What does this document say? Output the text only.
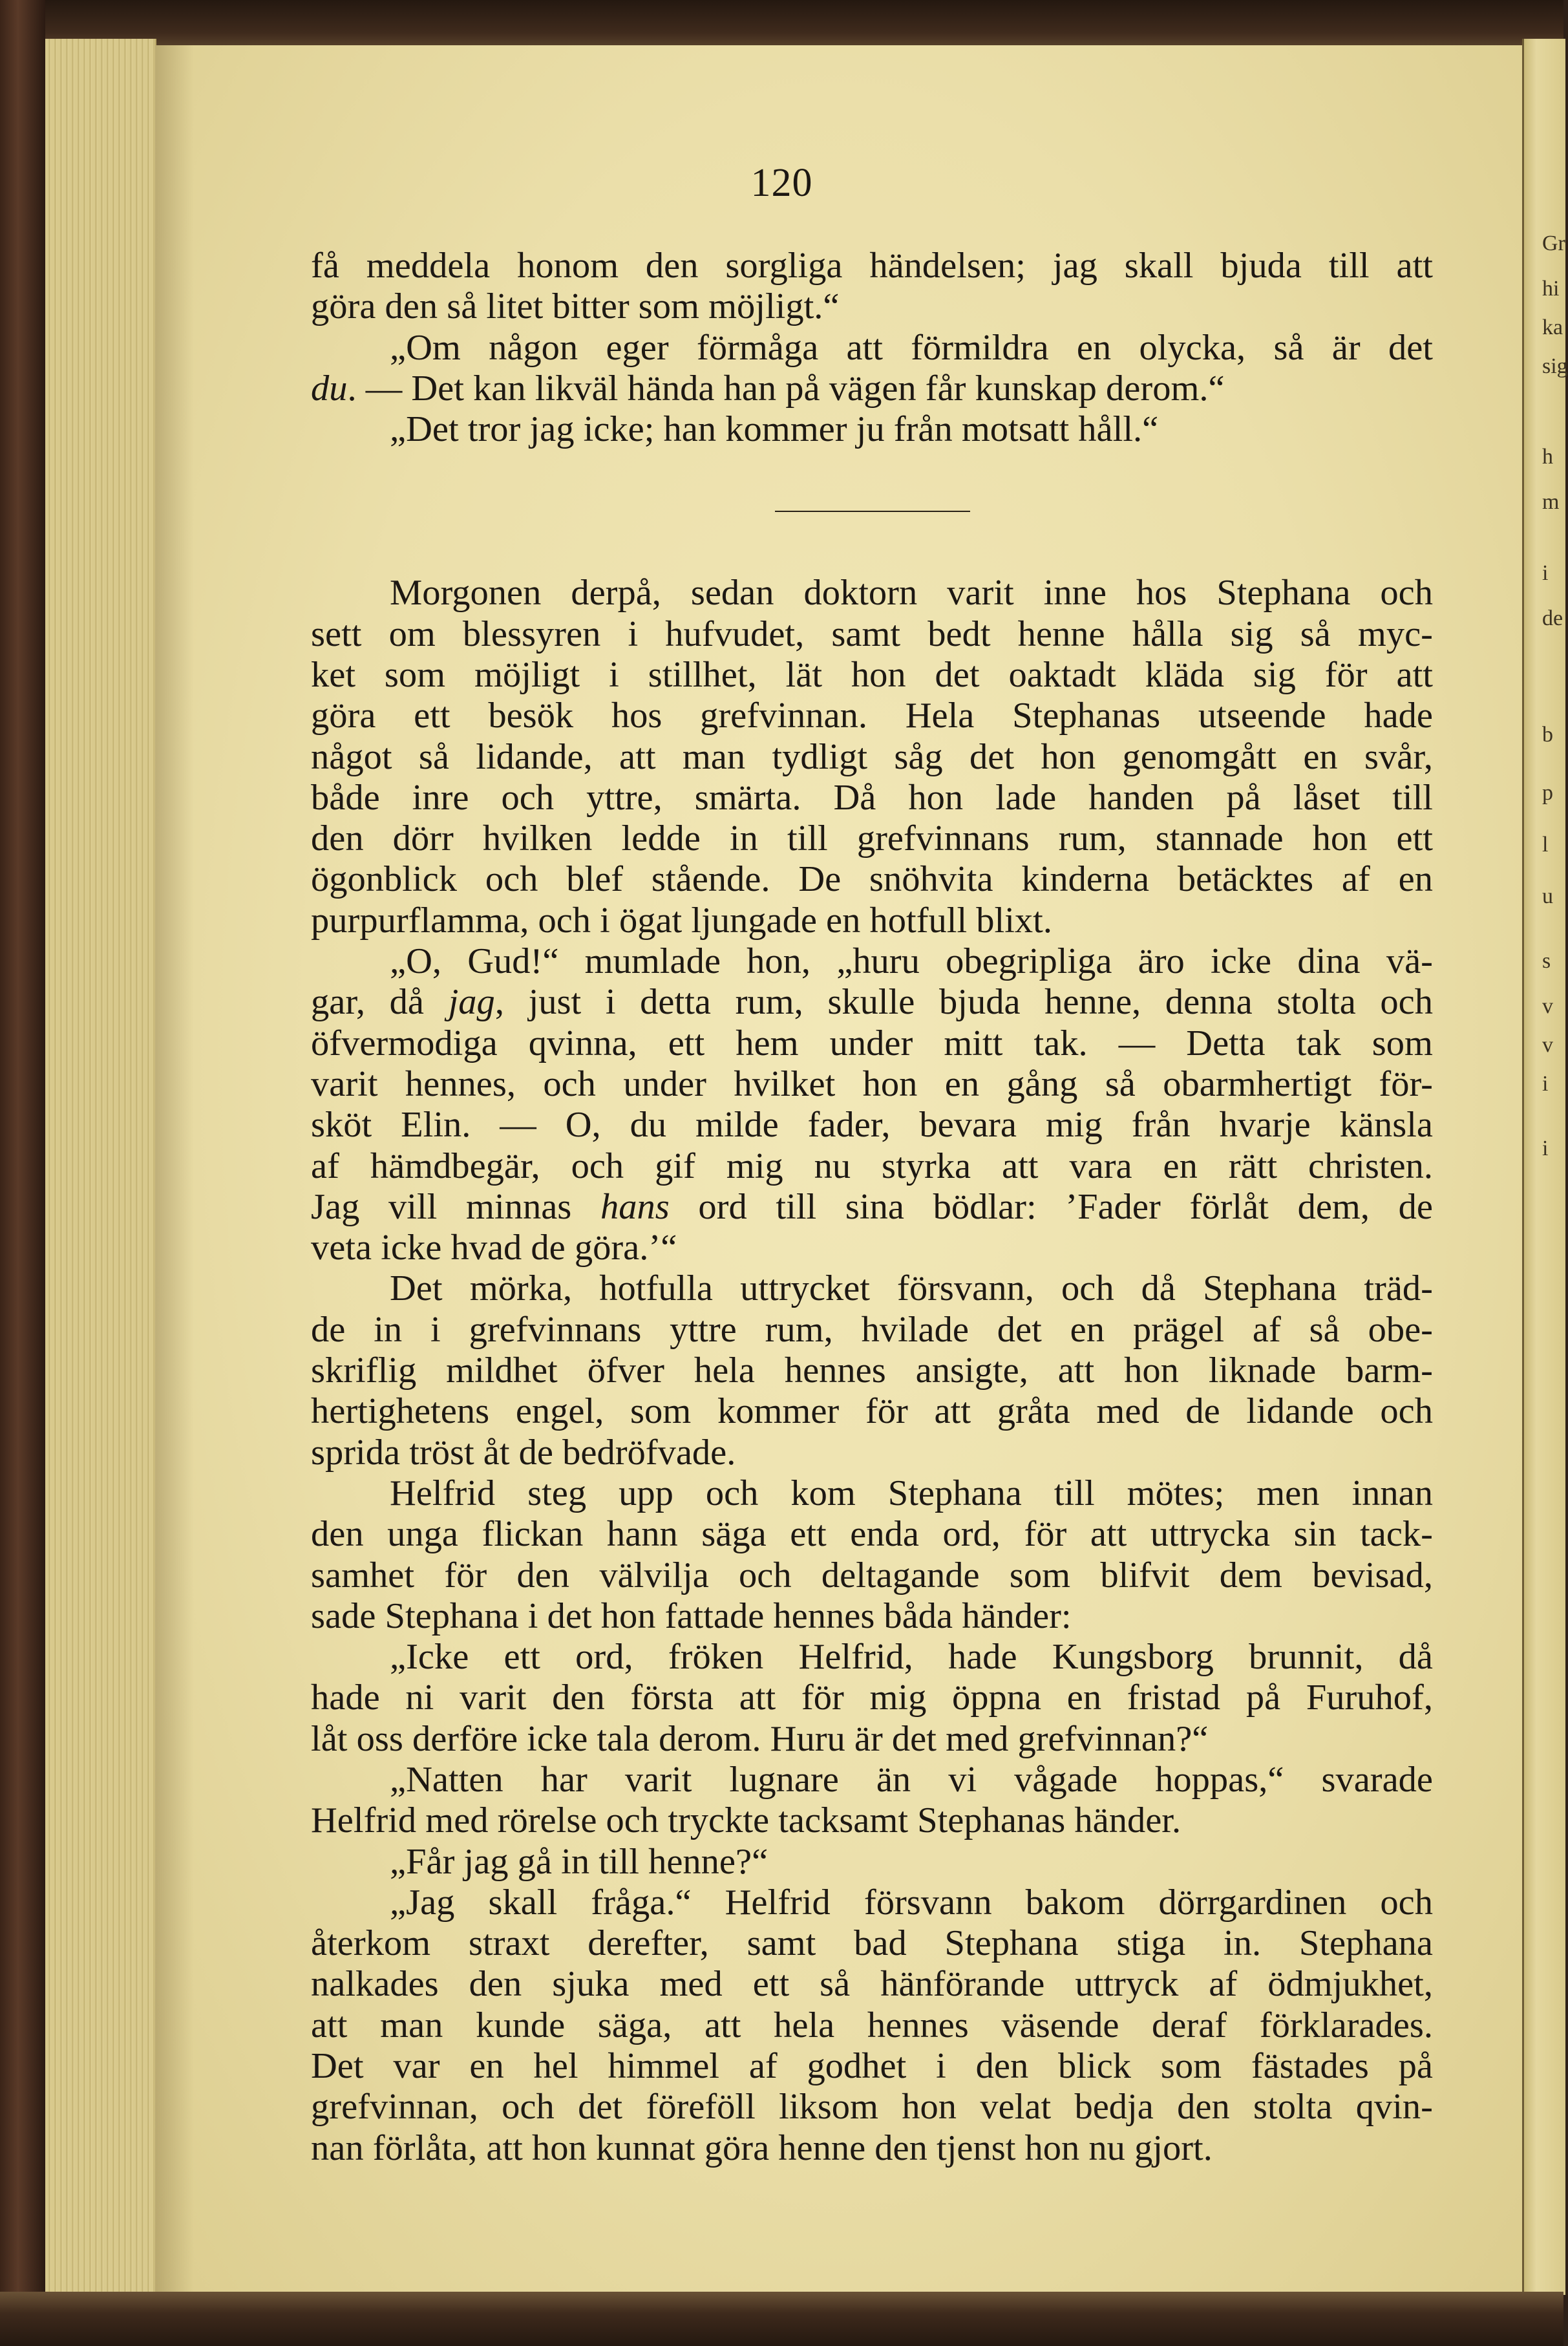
Gr
hi
ka
sig
h
m
i
de
b
p
l
u
s
v
v
i
i
120
få meddela honom den sorgliga händelsen; jag skall bjuda till att
göra den så litet bitter som möjligt.“
„Om någon eger förmåga att förmildra en olycka, så är det
du. — Det kan likväl hända han på vägen får kunskap derom.“
„Det tror jag icke; han kommer ju från motsatt håll.“
Morgonen derpå, sedan doktorn varit inne hos Stephana och
sett om blessyren i hufvudet, samt bedt henne hålla sig så myc-
ket som möjligt i stillhet, lät hon det oaktadt kläda sig för att
göra ett besök hos grefvinnan. Hela Stephanas utseende hade
något så lidande, att man tydligt såg det hon genomgått en svår,
både inre och yttre, smärta. Då hon lade handen på låset till
den dörr hvilken ledde in till grefvinnans rum, stannade hon ett
ögonblick och blef stående. De snöhvita kinderna betäcktes af en
purpurflamma, och i ögat ljungade en hotfull blixt.
„O, Gud!“ mumlade hon, „huru obegripliga äro icke dina vä-
gar, då jag, just i detta rum, skulle bjuda henne, denna stolta och
öfvermodiga qvinna, ett hem under mitt tak. — Detta tak som
varit hennes, och under hvilket hon en gång så obarmhertigt för-
sköt Elin. — O, du milde fader, bevara mig från hvarje känsla
af hämdbegär, och gif mig nu styrka att vara en rätt christen.
Jag vill minnas hans ord till sina bödlar: ’Fader förlåt dem, de
veta icke hvad de göra.’“
Det mörka, hotfulla uttrycket försvann, och då Stephana träd-
de in i grefvinnans yttre rum, hvilade det en prägel af så obe-
skriflig mildhet öfver hela hennes ansigte, att hon liknade barm-
hertighetens engel, som kommer för att gråta med de lidande och
sprida tröst åt de bedröfvade.
Helfrid steg upp och kom Stephana till mötes; men innan
den unga flickan hann säga ett enda ord, för att uttrycka sin tack-
samhet för den välvilja och deltagande som blifvit dem bevisad,
sade Stephana i det hon fattade hennes båda händer:
„Icke ett ord, fröken Helfrid, hade Kungsborg brunnit, då
hade ni varit den första att för mig öppna en fristad på Furuhof,
låt oss derföre icke tala derom. Huru är det med grefvinnan?“
„Natten har varit lugnare än vi vågade hoppas,“ svarade
Helfrid med rörelse och tryckte tacksamt Stephanas händer.
„Får jag gå in till henne?“
„Jag skall fråga.“ Helfrid försvann bakom dörrgardinen och
återkom straxt derefter, samt bad Stephana stiga in. Stephana
nalkades den sjuka med ett så hänförande uttryck af ödmjukhet,
att man kunde säga, att hela hennes väsende deraf förklarades.
Det var en hel himmel af godhet i den blick som fästades på
grefvinnan, och det föreföll liksom hon velat bedja den stolta qvin-
nan förlåta, att hon kunnat göra henne den tjenst hon nu gjort.
